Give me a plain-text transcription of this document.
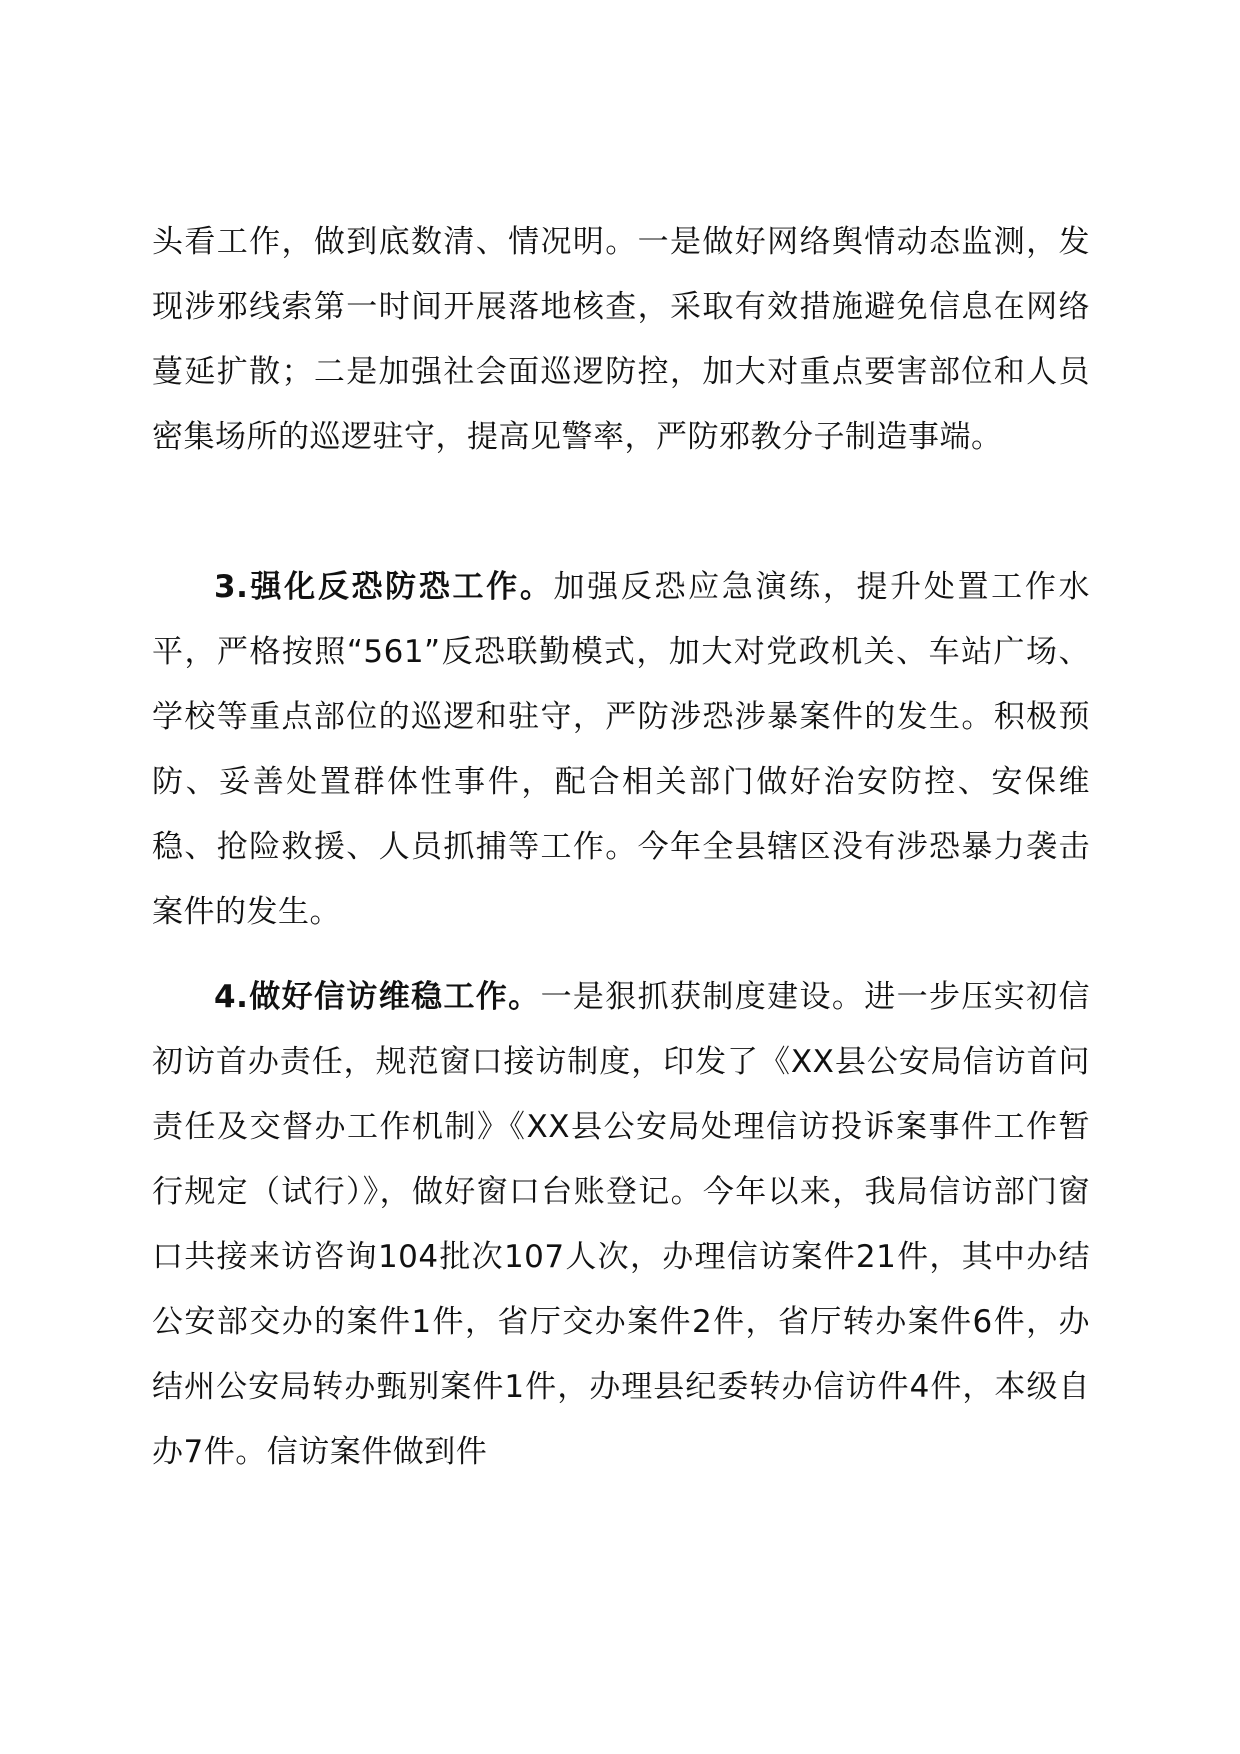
头看工作，做到底数清、情况明。一是做好网络舆情动态监测，发现涉邪线索第一时间开展落地核查，采取有效措施避免信息在网络蔓延扩散；二是加强社会面巡逻防控，加大对重点要害部位和人员密集场所的巡逻驻守，提高见警率，严防邪教分子制造事端。

3.强化反恐防恐工作。加强反恐应急演练，提升处置工作水平，严格按照“561”反恐联勤模式，加大对党政机关、车站广场、学校等重点部位的巡逻和驻守，严防涉恐涉暴案件的发生。积极预防、妥善处置群体性事件，配合相关部门做好治安防控、安保维稳、抢险救援、人员抓捕等工作。今年全县辖区没有涉恐暴力袭击案件的发生。

4.做好信访维稳工作。一是狠抓获制度建设。进一步压实初信初访首办责任，规范窗口接访制度，印发了《XX县公安局信访首问责任及交督办工作机制》《XX县公安局处理信访投诉案事件工作暂行规定（试行）》，做好窗口台账登记。今年以来，我局信访部门窗口共接来访咨询104批次107人次，办理信访案件21件，其中办结公安部交办的案件1件，省厅交办案件2件，省厅转办案件6件，办结州公安局转办甄别案件1件，办理县纪委转办信访件4件，本级自办7件。信访案件做到件
